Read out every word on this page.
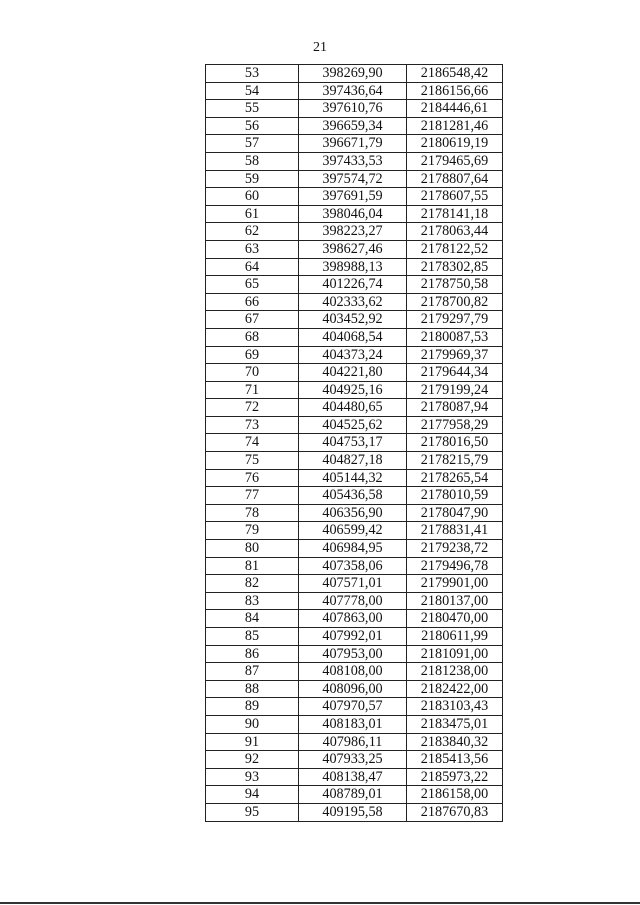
21
53	398269,90	2186548,42
54	397436,64	2186156,66
55	397610,76	2184446,61
56	396659,34	2181281,46
57	396671,79	2180619,19
58	397433,53	2179465,69
59	397574,72	2178807,64
60	397691,59	2178607,55
61	398046,04	2178141,18
62	398223,27	2178063,44
63	398627,46	2178122,52
64	398988,13	2178302,85
65	401226,74	2178750,58
66	402333,62	2178700,82
67	403452,92	2179297,79
68	404068,54	2180087,53
69	404373,24	2179969,37
70	404221,80	2179644,34
71	404925,16	2179199,24
72	404480,65	2178087,94
73	404525,62	2177958,29
74	404753,17	2178016,50
75	404827,18	2178215,79
76	405144,32	2178265,54
77	405436,58	2178010,59
78	406356,90	2178047,90
79	406599,42	2178831,41
80	406984,95	2179238,72
81	407358,06	2179496,78
82	407571,01	2179901,00
83	407778,00	2180137,00
84	407863,00	2180470,00
85	407992,01	2180611,99
86	407953,00	2181091,00
87	408108,00	2181238,00
88	408096,00	2182422,00
89	407970,57	2183103,43
90	408183,01	2183475,01
91	407986,11	2183840,32
92	407933,25	2185413,56
93	408138,47	2185973,22
94	408789,01	2186158,00
95	409195,58	2187670,83
